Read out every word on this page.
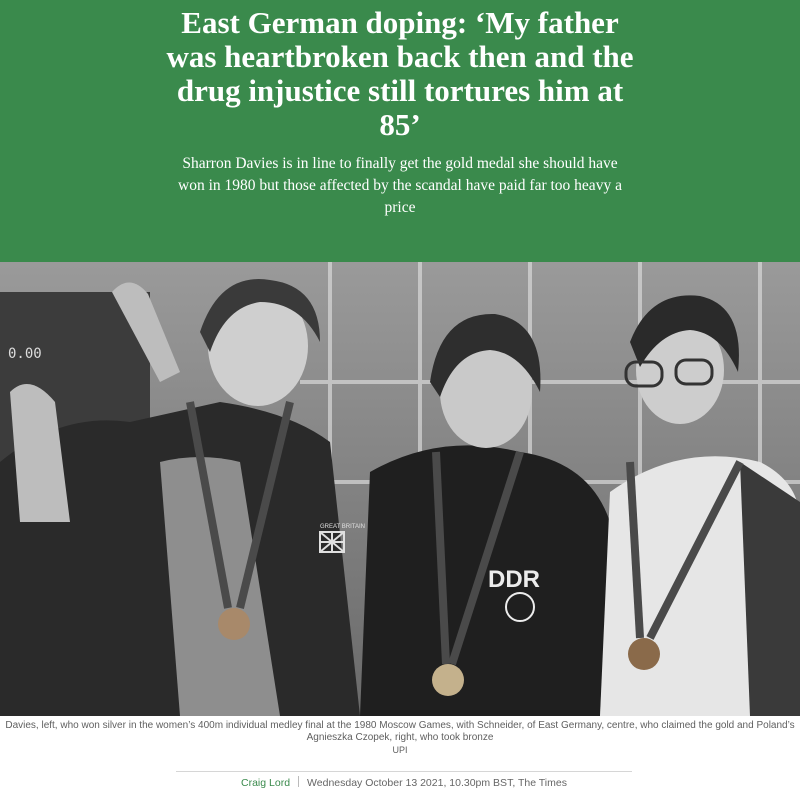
East German doping: ‘My father was heartbroken back then and the drug injustice still tortures him at 85’

Sharron Davies is in line to finally get the gold medal she should have won in 1980 but those affected by the scandal have paid far too heavy a price

0.00
GREAT BRITAIN
DDR
Davies, left, who won silver in the women’s 400m individual medley final at the 1980 Moscow Games, with Schneider, of East Germany, centre, who claimed the gold and Poland’s Agnieszka Czopek, right, who took bronze
UPI
Craig Lord Wednesday October 13 2021, 10.30pm BST, The Times
